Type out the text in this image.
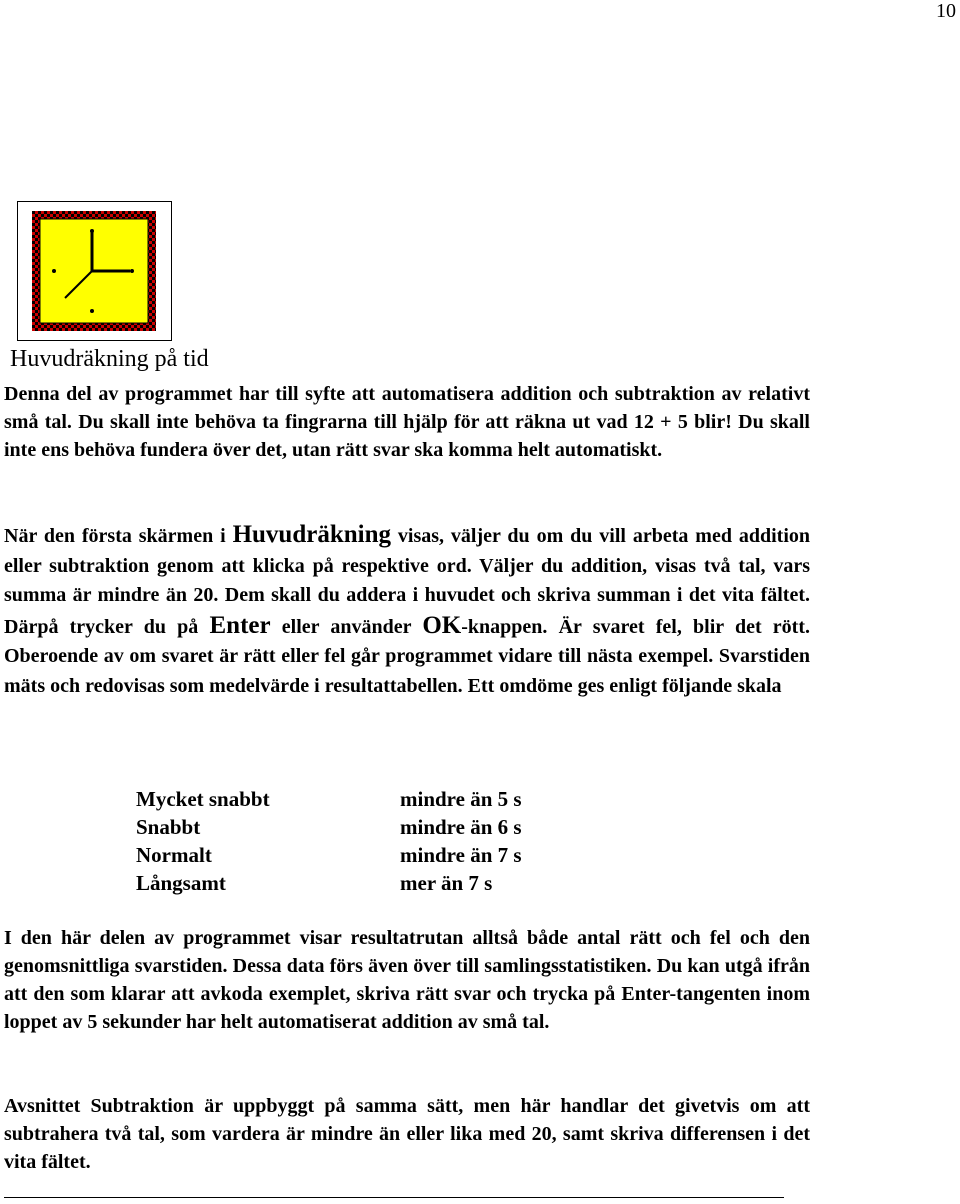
10
Huvudräkning på tid

Denna del av programmet har till syfte att automatisera addition och subtraktion av relativt små tal. Du skall inte behöva ta fingrarna till hjälp för att räkna ut vad 12 + 5 blir! Du skall inte ens behöva fundera över det, utan rätt svar ska komma helt automatiskt.

När den första skärmen i Huvudräkning visas, väljer du om du vill arbeta med addition eller subtraktion genom att klicka på respektive ord. Väljer du addition, visas två tal, vars summa är mindre än 20. Dem skall du addera i huvudet och skriva summan i det vita fältet. Därpå trycker du på Enter eller använder OK-knappen. Är svaret fel, blir det rött. Oberoende av om svaret är rätt eller fel går programmet vidare till nästa exempel. Svarstiden mäts och redovisas som medelvärde i resultattabellen. Ett omdöme ges enligt följande skala

Mycket snabbt	mindre än 5 s
Snabbt	mindre än 6 s
Normalt	mindre än 7 s
Långsamt	mer än 7 s

I den här delen av programmet visar resultatrutan alltså både antal rätt och fel och den genomsnittliga svarstiden. Dessa data förs även över till samlingsstatistiken. Du kan utgå ifrån att den som klarar att avkoda exemplet, skriva rätt svar och trycka på Enter-tangenten inom loppet av 5 sekunder har helt automatiserat addition av små tal.

Avsnittet Subtraktion är uppbyggt på samma sätt, men här handlar det givetvis om att subtrahera två tal, som vardera är mindre än eller lika med 20, samt skriva differensen i det vita fältet.
